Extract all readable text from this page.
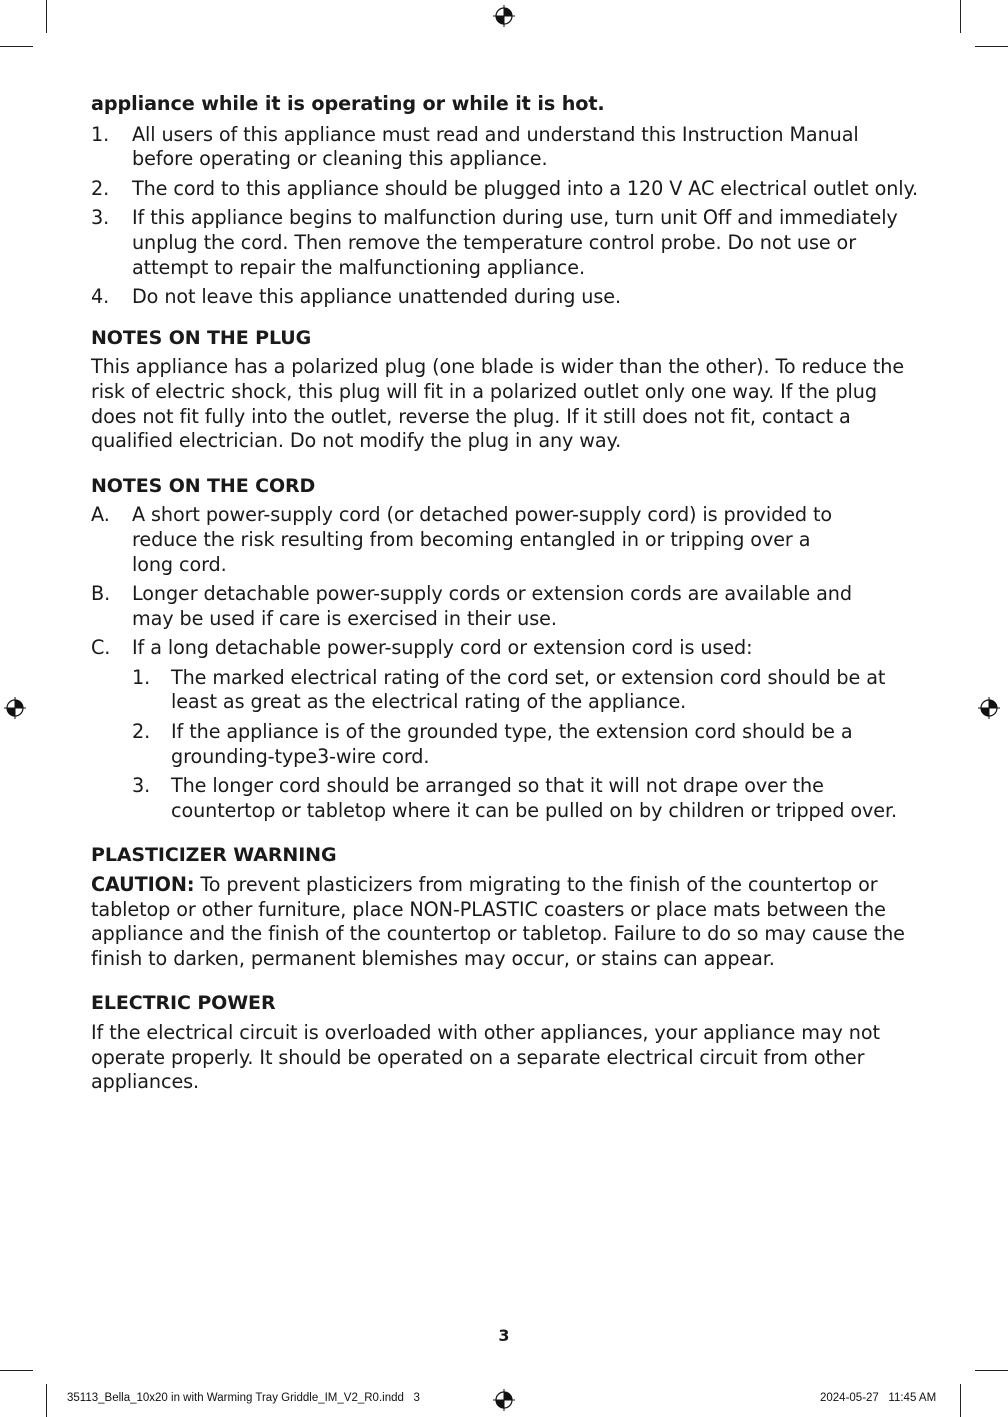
appliance while it is operating or while it is hot.

1. All users of this appliance must read and understand this Instruction Manual before operating or cleaning this appliance.
2. The cord to this appliance should be plugged into a 120 V AC electrical outlet only.
3. If this appliance begins to malfunction during use, turn unit Off and immediately unplug the cord. Then remove the temperature control probe. Do not use or attempt to repair the malfunctioning appliance.
4. Do not leave this appliance unattended during use.
NOTES ON THE PLUG

This appliance has a polarized plug (one blade is wider than the other). To reduce the risk of electric shock, this plug will fit in a polarized outlet only one way. If the plug does not fit fully into the outlet, reverse the plug. If it still does not fit, contact a qualified electrician. Do not modify the plug in any way.

NOTES ON THE CORD
A. A short power-supply cord (or detached power-supply cord) is provided to reduce the risk resulting from becoming entangled in or tripping over a long cord.
B. Longer detachable power-supply cords or extension cords are available and may be used if care is exercised in their use.
C. If a long detachable power-supply cord or extension cord is used:
1. The marked electrical rating of the cord set, or extension cord should be at least as great as the electrical rating of the appliance.
2. If the appliance is of the grounded type, the extension cord should be a grounding-type3-wire cord.
3. The longer cord should be arranged so that it will not drape over the countertop or tabletop where it can be pulled on by children or tripped over.
PLASTICIZER WARNING

CAUTION: To prevent plasticizers from migrating to the finish of the countertop or tabletop or other furniture, place NON-PLASTIC coasters or place mats between the appliance and the finish of the countertop or tabletop. Failure to do so may cause the finish to darken, permanent blemishes may occur, or stains can appear.

ELECTRIC POWER

If the electrical circuit is overloaded with other appliances, your appliance may not operate properly. It should be operated on a separate electrical circuit from other appliances.

3
35113_Bella_10x20 in with Warming Tray Griddle_IM_V2_R0.indd   3	2024-05-27   11:45 AM
